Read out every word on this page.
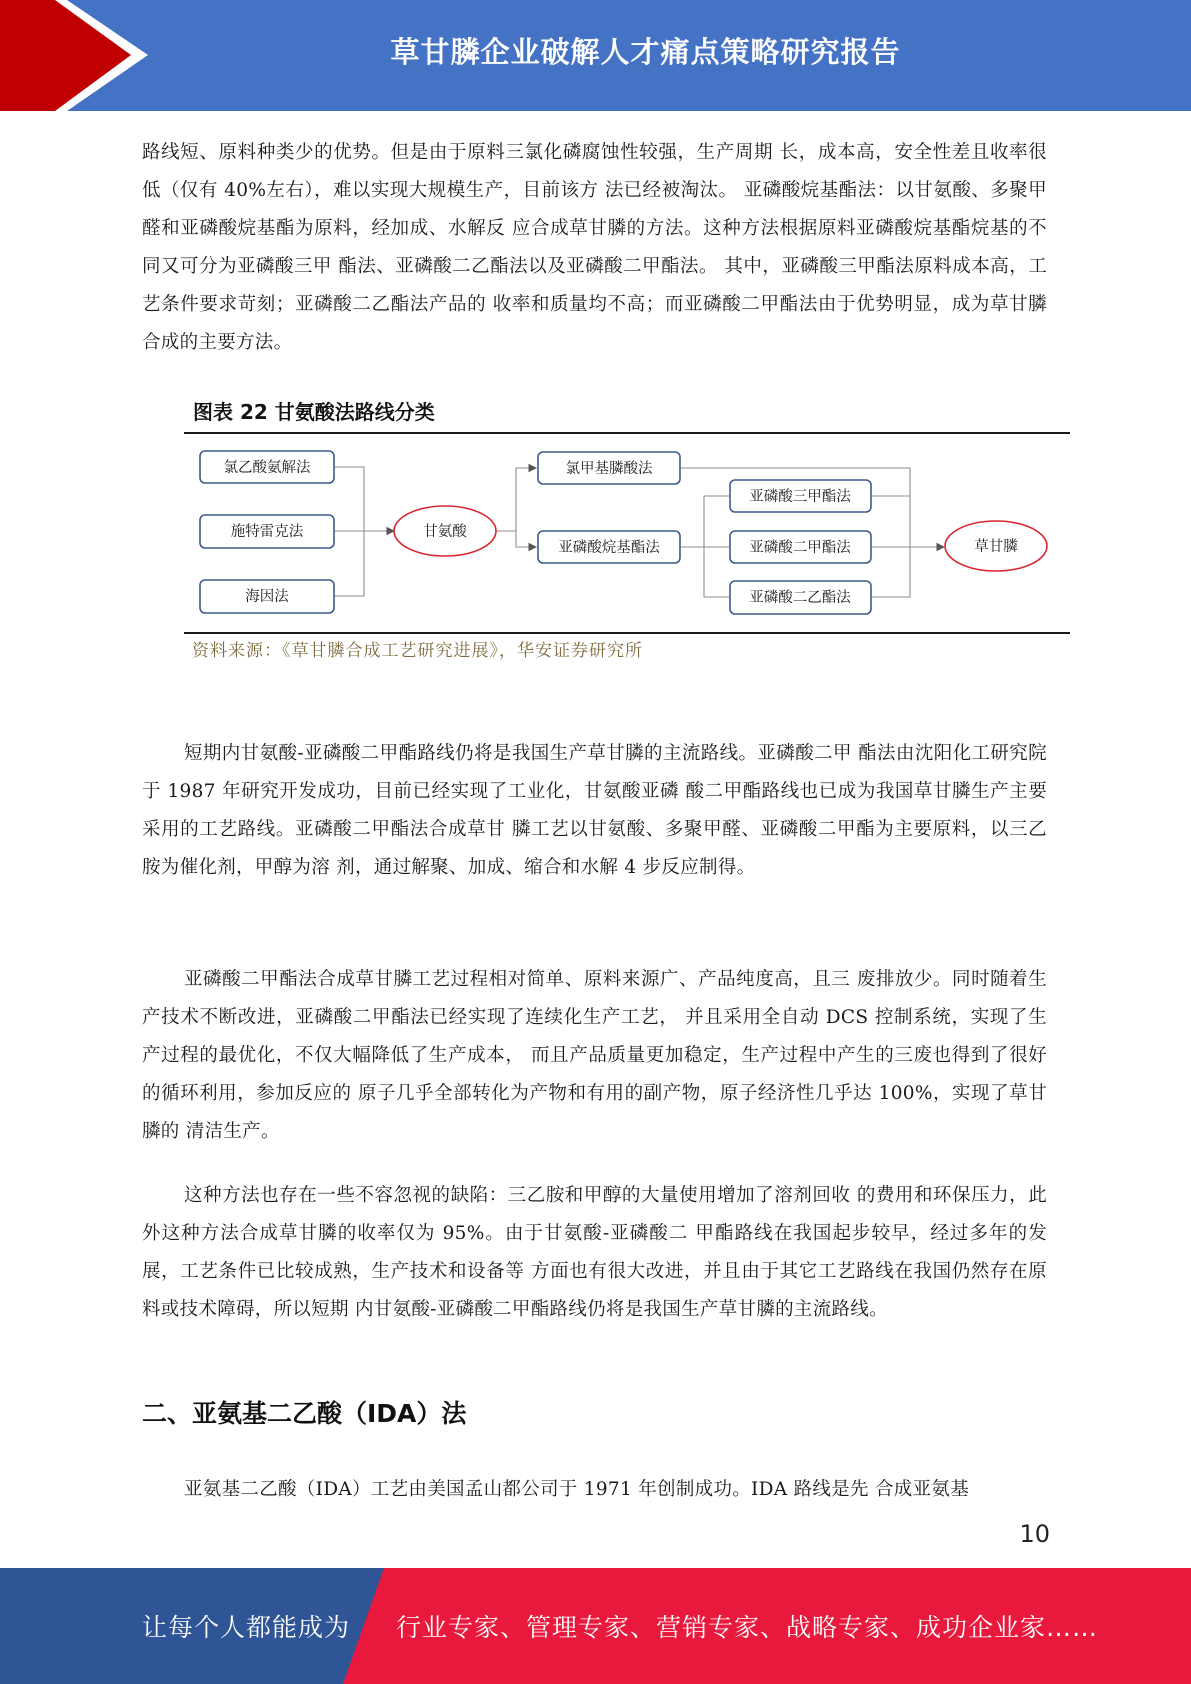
草甘膦企业破解人才痛点策略研究报告

路线短、原料种类少的优势。但是由于原料三氯化磷腐蚀性较强，生产周期 长，成本高，安全性差且收率很低（仅有 40%左右），难以实现大规模生产，目前该方 法已经被淘汰。 亚磷酸烷基酯法：以甘氨酸、多聚甲醛和亚磷酸烷基酯为原料，经加成、水解反 应合成草甘膦的方法。这种方法根据原料亚磷酸烷基酯烷基的不同又可分为亚磷酸三甲 酯法、亚磷酸二乙酯法以及亚磷酸二甲酯法。 其中，亚磷酸三甲酯法原料成本高，工艺条件要求苛刻；亚磷酸二乙酯法产品的 收率和质量均不高；而亚磷酸二甲酯法由于优势明显，成为草甘膦合成的主要方法。

图表 22 甘氨酸法路线分类
氯乙酸氨解法
施特雷克法
海因法
甘氨酸
氯甲基膦酸法
亚磷酸烷基酯法
亚磷酸三甲酯法
亚磷酸二甲酯法
亚磷酸二乙酯法
草甘膦
资料来源：《草甘膦合成工艺研究进展》，华安证券研究所

短期内甘氨酸-亚磷酸二甲酯路线仍将是我国生产草甘膦的主流路线。亚磷酸二甲 酯法由沈阳化工研究院于 1987 年研究开发成功，目前已经实现了工业化，甘氨酸亚磷 酸二甲酯路线也已成为我国草甘膦生产主要采用的工艺路线。亚磷酸二甲酯法合成草甘 膦工艺以甘氨酸、多聚甲醛、亚磷酸二甲酯为主要原料，以三乙胺为催化剂，甲醇为溶 剂，通过解聚、加成、缩合和水解 4 步反应制得。

亚磷酸二甲酯法合成草甘膦工艺过程相对简单、原料来源广、产品纯度高，且三 废排放少。同时随着生产技术不断改进，亚磷酸二甲酯法已经实现了连续化生产工艺， 并且采用全自动 DCS 控制系统，实现了生产过程的最优化，不仅大幅降低了生产成本， 而且产品质量更加稳定，生产过程中产生的三废也得到了很好的循环利用，参加反应的 原子几乎全部转化为产物和有用的副产物，原子经济性几乎达 100%，实现了草甘膦的 清洁生产。

这种方法也存在一些不容忽视的缺陷：三乙胺和甲醇的大量使用增加了溶剂回收 的费用和环保压力，此外这种方法合成草甘膦的收率仅为 95%。由于甘氨酸-亚磷酸二 甲酯路线在我国起步较早，经过多年的发展，工艺条件已比较成熟，生产技术和设备等 方面也有很大改进，并且由于其它工艺路线在我国仍然存在原料或技术障碍，所以短期 内甘氨酸-亚磷酸二甲酯路线仍将是我国生产草甘膦的主流路线。

二、亚氨基二乙酸（IDA）法

亚氨基二乙酸（IDA）工艺由美国孟山都公司于 1971 年创制成功。IDA 路线是先 合成亚氨基

10
让每个人都能成为 行业专家、管理专家、营销专家、战略专家、成功企业家……
